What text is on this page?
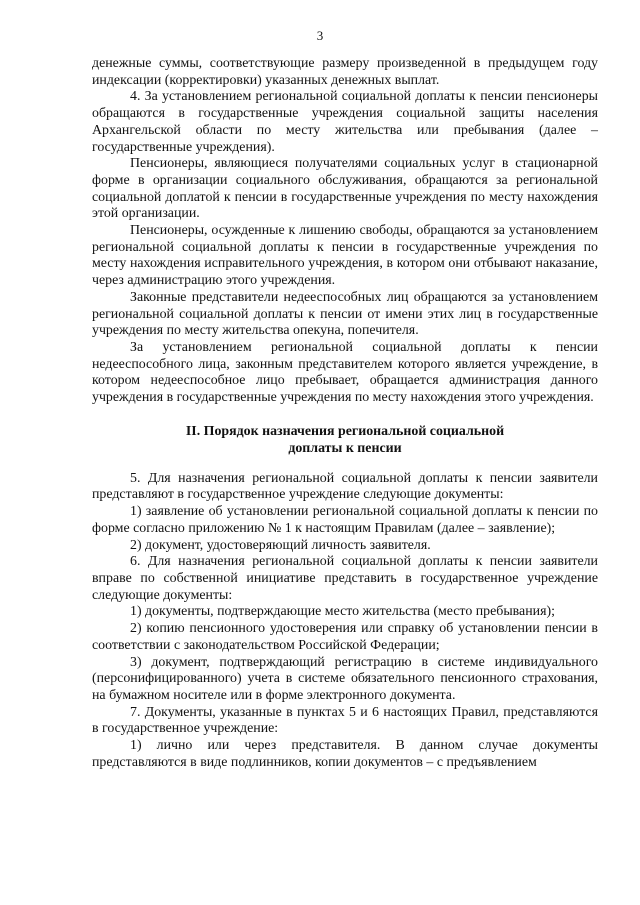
3

денежные суммы, соответствующие размеру произведенной в предыдущем году индексации (корректировки) указанных денежных выплат.

4. За установлением региональной социальной доплаты к пенсии пенсионеры обращаются в государственные учреждения социальной защиты населения Архангельской области по месту жительства или пребывания (далее – государственные учреждения).

Пенсионеры, являющиеся получателями социальных услуг в стационарной форме в организации социального обслуживания, обращаются за региональной социальной доплатой к пенсии в государственные учреждения по месту нахождения этой организации.

Пенсионеры, осужденные к лишению свободы, обращаются за установлением региональной социальной доплаты к пенсии в государственные учреждения по месту нахождения исправительного учреждения, в котором они отбывают наказание, через администрацию этого учреждения.

Законные представители недееспособных лиц обращаются за установлением региональной социальной доплаты к пенсии от имени этих лиц в государственные учреждения по месту жительства опекуна, попечителя.

За установлением региональной социальной доплаты к пенсии недееспособного лица, законным представителем которого является учреждение, в котором недееспособное лицо пребывает, обращается администрация данного учреждения в государственные учреждения по месту нахождения этого учреждения.

II. Порядок назначения региональной социальной
доплаты к пенсии

5. Для назначения региональной социальной доплаты к пенсии заявители представляют в государственное учреждение следующие документы:

1) заявление об установлении региональной социальной доплаты к пенсии по форме согласно приложению № 1 к настоящим Правилам (далее – заявление);

2) документ, удостоверяющий личность заявителя.

6. Для назначения региональной социальной доплаты к пенсии заявители вправе по собственной инициативе представить в государственное учреждение следующие документы:

1) документы, подтверждающие место жительства (место пребывания);

2) копию пенсионного удостоверения или справку об установлении пенсии в соответствии с законодательством Российской Федерации;

3) документ, подтверждающий регистрацию в системе индивидуального (персонифицированного) учета в системе обязательного пенсионного страхования, на бумажном носителе или в форме электронного документа.

7. Документы, указанные в пунктах 5 и 6 настоящих Правил, представляются в государственное учреждение:

1) лично или через представителя. В данном случае документы представляются в виде подлинников, копии документов – с предъявлением
